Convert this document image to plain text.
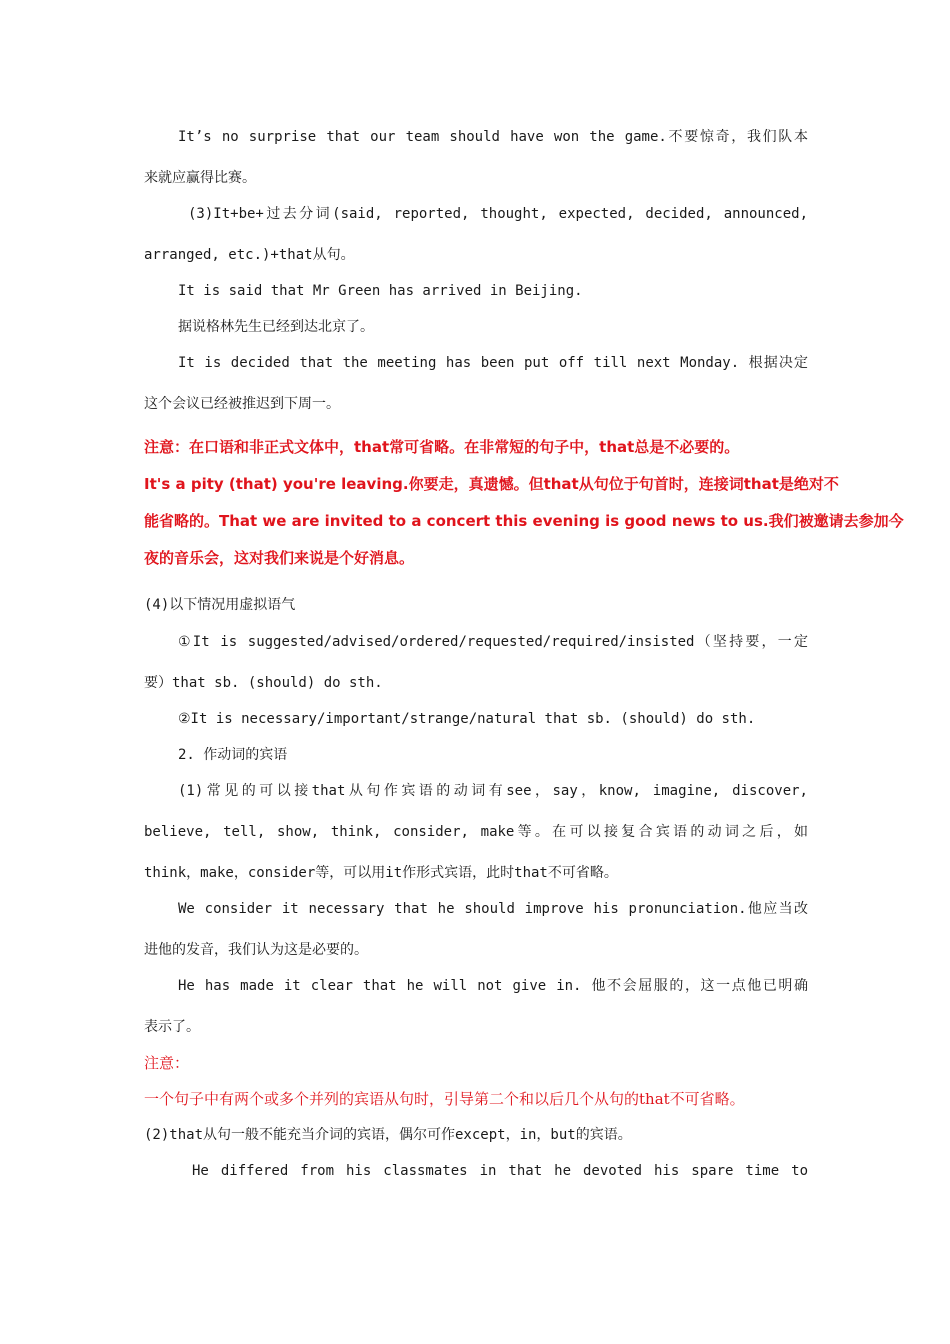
It’s no surprise that our team should have won the game.不要惊奇，我们队本
来就应赢得比赛。
(3)It+be+过去分词(said, reported, thought, expected, decided, announced,
arranged, etc.)+that从句。
It is said that Mr Green has arrived in Beijing.
据说格林先生已经到达北京了。
It is decided that the meeting has been put off till next Monday. 根据决定
这个会议已经被推迟到下周一。
注意：在口语和非正式文体中，that常可省略。在非常短的句子中，that总是不必要的。
It's a pity (that) you're leaving.你要走，真遗憾。但that从句位于句首时，连接词that是绝对不
能省略的。That we are invited to a concert this evening is good news to us.我们被邀请去参加今
夜的音乐会，这对我们来说是个好消息。
(4)以下情况用虚拟语气
①It is suggested/advised/ordered/requested/required/insisted（坚持要，一定
要）that sb. (should) do sth.
②It is necessary/important/strange/natural that sb. (should) do sth.
2. 作动词的宾语
(1)常见的可以接that从句作宾语的动词有see，say，know, imagine, discover,
believe, tell, show, think, consider, make等。在可以接复合宾语的动词之后，如
think，make，consider等，可以用it作形式宾语，此时that不可省略。
We consider it necessary that he should improve his pronunciation.他应当改
进他的发音，我们认为这是必要的。
He has made it clear that he will not give in. 他不会屈服的，这一点他已明确
表示了。
注意：
一个句子中有两个或多个并列的宾语从句时，引导第二个和以后几个从句的that不可省略。
(2)that从句一般不能充当介词的宾语，偶尔可作except，in，but的宾语。
He differed from his classmates in that he devoted his spare time to
